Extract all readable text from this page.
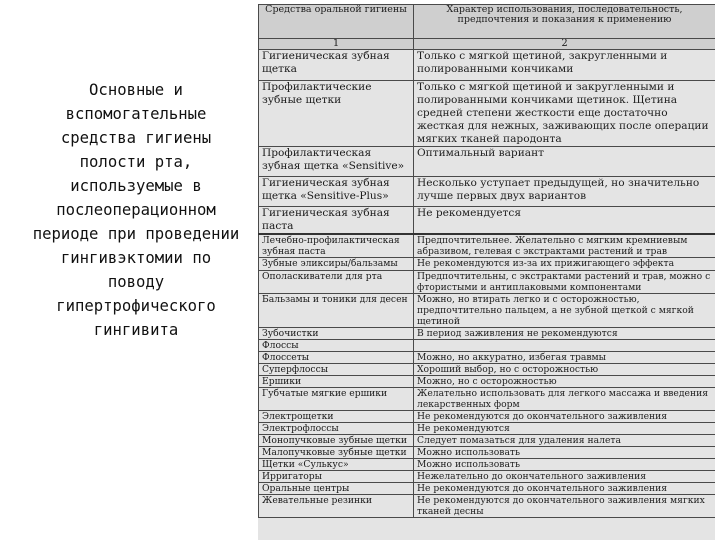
Основные и вспомогательные средства гигиены полости рта, используемые в послеоперационном периоде при проведении гингивэктомии по поводу гипертрофического гингивита
Средства оральной гигиены	Характер использования, последовательность, предпочтения и показания к применению
1	2
Гигиеническая зубная щетка	Только с мягкой щетиной, закругленными и полированными кончиками
Профилактические зубные щетки	Только с мягкой щетиной и закругленными и полированными кончиками щетинок. Щетина средней степени жесткости еще достаточно жесткая для нежных, заживающих после операции мягких тканей пародонта
Профилактическая зубная щетка «Sensitive»	Оптимальный вариант
Гигиеническая зубная щетка «Sensitive-Plus»	Несколько уступает предыдущей, но значительно лучше первых двух вариантов
Гигиеническая зубная паста	Не рекомендуется
Лечебно-профилактическая зубная паста	Предпочтительнее. Желательно с мягким кремниевым абразивом, гелевая с экстрактами растений и трав
Зубные эликсиры/бальзамы	Не рекомендуются из-за их прижигающего эффекта
Ополаскиватели для рта	Предпочтительны, с экстрактами растений и трав, можно с фтористыми и антиплаковыми компонентами
Бальзамы и тоники для десен	Можно, но втирать легко и с осторожностью, предпочтительно пальцем, а не зубной щеткой с мягкой щетиной
Зубочистки	В период заживления не рекомендуются
Флоссы	
Флоссеты	Можно, но аккуратно, избегая травмы
Суперфлоссы	Хороший выбор, но с осторожностью
Ершики	Можно, но с осторожностью
Губчатые мягкие ершики	Желательно использовать для легкого массажа и введения лекарственных форм
Электрощетки	Не рекомендуются до окончательного заживления
Электрофлоссы	Не рекомендуются
Монопучковые зубные щетки	Следует помазаться для удаления налета
Малопучковые зубные щетки	Можно использовать
Щетки «Сулькус»	Можно использовать
Ирригаторы	Нежелательно до окончательного заживления
Оральные центры	Не рекомендуются до окончательного заживления
Жевательные резинки	Не рекомендуются до окончательного заживления мягких тканей десны
